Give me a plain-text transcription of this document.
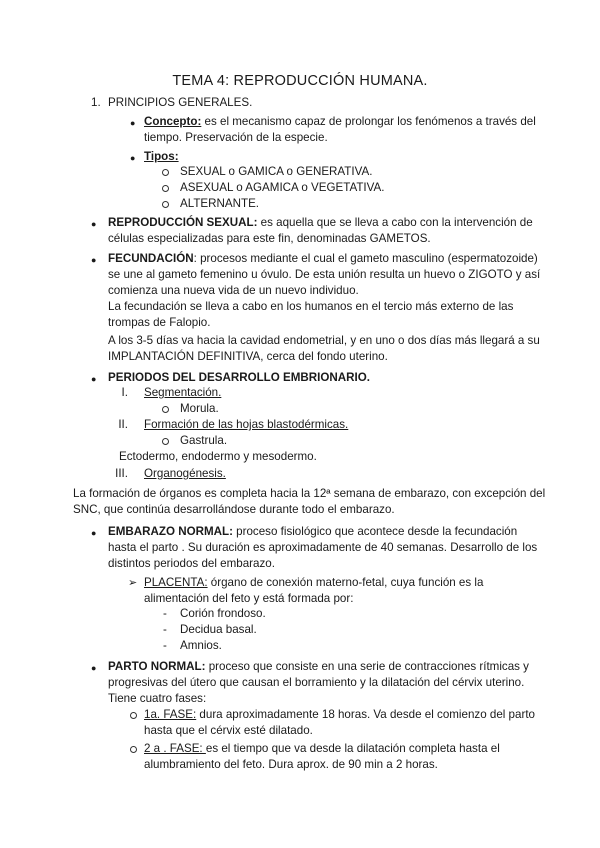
TEMA 4: REPRODUCCIÓN HUMANA.
1. PRINCIPIOS GENERALES.
● Concepto: es el mecanismo capaz de prolongar los fenómenos a través del
tiempo. Preservación de la especie.
● Tipos:
SEXUAL o GAMICA o GENERATIVA.
ASEXUAL o AGAMICA o VEGETATIVA.
ALTERNANTE.
● REPRODUCCIÓN SEXUAL: es aquella que se lleva a cabo con la intervención de
células especializadas para este fin, denominadas GAMETOS.
● FECUNDACIÓN: procesos mediante el cual el gameto masculino (espermatozoide)
se une al gameto femenino u óvulo. De esta unión resulta un huevo o ZIGOTO y así
comienza una nueva vida de un nuevo individuo.
La fecundación se lleva a cabo en los humanos en el tercio más externo de las
trompas de Falopio.
A los 3-5 días va hacia la cavidad endometrial, y en uno o dos días más llegará a su
IMPLANTACIÓN DEFINITIVA, cerca del fondo uterino.
● PERIODOS DEL DESARROLLO EMBRIONARIO.
I. Segmentación.
Morula.
II. Formación de las hojas blastodérmicas.
Gastrula.
Ectodermo, endodermo y mesodermo.
III. Organogénesis.
La formación de órganos es completa hacia la 12ª semana de embarazo, con excepción del
SNC, que continúa desarrollándose durante todo el embarazo.
● EMBARAZO NORMAL: proceso fisiológico que acontece desde la fecundación
hasta el parto . Su duración es aproximadamente de 40 semanas. Desarrollo de los
distintos periodos del embarazo.
➢ PLACENTA: órgano de conexión materno-fetal, cuya función es la
alimentación del feto y está formada por:
- Corión frondoso.
- Decidua basal.
- Amnios.
● PARTO NORMAL: proceso que consiste en una serie de contracciones rítmicas y
progresivas del útero que causan el borramiento y la dilatación del cérvix uterino.
Tiene cuatro fases:
1a. FASE: dura aproximadamente 18 horas. Va desde el comienzo del parto
hasta que el cérvix esté dilatado.
2 a . FASE: es el tiempo que va desde la dilatación completa hasta el
alumbramiento del feto. Dura aprox. de 90 min a 2 horas.
